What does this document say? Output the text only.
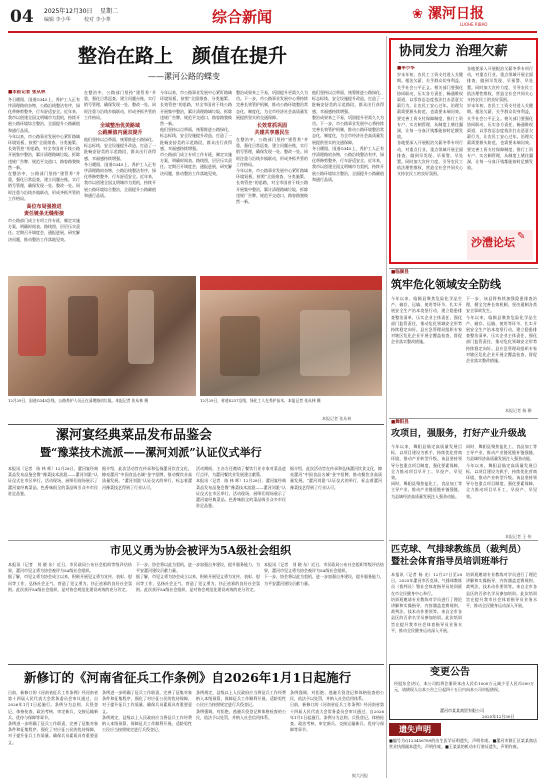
04 2025年12月30日 星期二
编辑 李小华	校对 李小華	综合新闻	漯河日报
LUOHE RIBAO
❀
整治在路上　颜值在提升
——漯河公路的蝶变
■本报记者 张从林
冬日暖阳，国道G345上，养护工人正有序清理路肩杂物，公路沿线整洁有序，绿化带修剪整齐，行车舒适安全。近年来，我市以创建全国文明城市为契机，持续开展公路环境综合整治，全面提升公路颜值和通行品质。
今年以来，市公路事业发展中心紧盯路域环境短板，按照“全面排查、分类施策、长效管控”的思路，对全市国省干线公路开展集中整治，累计清理路域垃圾、拆除违规广告牌、规范平交道口，路容路貌焕然一新。
在整治中，公路部门坚持“建管养”并重，强化日常巡查，建立问题台账，实行销号管理，确保发现一处、整改一处。同时注重与沿线乡镇联动，形成齐抓共管的工作格局。
高位布局强推进
责任链条无缝衔接
市公路部门成立专项工作专班，制定实施方案，明确时间表、路线图，层层压实责任。定期召开调度会，通报进展，研究解决问题，推动整治工作落地见效。
在整治中，公路部门坚持“建管养”并重，强化日常巡查，建立问题台账，实行销号管理，确保发现一处、整改一处。同时注重与沿线乡镇联动，形成齐抓共管的工作格局。
全域整治优美路域
公路颜值内涵双提升
他们坚持以点带面，统筹推进公路绿化、标志标线、安全设施提升改造，打造了一批畅安舒美的示范路段，群众出行获得感、幸福感持续增强。
冬日暖阳，国道G345上，养护工人正有序清理路肩杂物，公路沿线整洁有序，绿化带修剪整齐，行车舒适安全。近年来，我市以创建全国文明城市为契机，持续开展公路环境综合整治，全面提升公路颜值和通行品质。
今年以来，市公路事业发展中心紧盯路域环境短板，按照“全面排查、分类施策、长效管控”的思路，对全市国省干线公路开展集中整治，累计清理路域垃圾、拆除违规广告牌、规范平交道口，路容路貌焕然一新。
他们坚持以点带面，统筹推进公路绿化、标志标线、安全设施提升改造，打造了一批畅安舒美的示范路段，群众出行获得感、幸福感持续增强。
市公路部门成立专项工作专班，制定实施方案，明确时间表、路线图，层层压实责任。定期召开调度会，通报进展，研究解决问题，推动整治工作落地见效。
整治成果来之不易，巩固提升更需久久为功。下一步，市公路事业发展中心将持续完善长效管护机制，推动公路环境整治常态化、制度化，为全市经济社会高质量发展提供坚实的交通保障。
长效常抓巩固
共建共享惠民生
在整治中，公路部门坚持“建管养”并重，强化日常巡查，建立问题台账，实行销号管理，确保发现一处、整改一处。同时注重与沿线乡镇联动，形成齐抓共管的工作格局。
今年以来，市公路事业发展中心紧盯路域环境短板，按照“全面排查、分类施策、长效管控”的思路，对全市国省干线公路开展集中整治，累计清理路域垃圾、拆除违规广告牌、规范平交道口，路容路貌焕然一新。
他们坚持以点带面，统筹推进公路绿化、标志标线、安全设施提升改造，打造了一批畅安舒美的示范路段，群众出行获得感、幸福感持续增强。
整治成果来之不易，巩固提升更需久久为功。下一步，市公路事业发展中心将持续完善长效管护机制，推动公路环境整治常态化、制度化，为全市经济社会高质量发展提供坚实的交通保障。
冬日暖阳，国道G345上，养护工人正有序清理路肩杂物，公路沿线整洁有序，绿化带修剪整齐，行车舒适安全。近年来，我市以创建全国文明城市为契机，持续开展公路环境综合整治，全面提升公路颜值和通行品质。
12月29日，国道G345沿线，公路养护人员正在清理路肩垃圾。本报记者 张从林 摄	12月29日，省道S237沿线，绿化工人在养护苗木。本报记者 张从林 摄
本报记者 张从林
协同发力 治理欠薪
■李小华
岁末年初，农民工工资支付进入关键期。根治欠薪，关乎群众切身利益，关乎社会公平正义。相关部门要强化协同联动，压实各方责任，畅通维权渠道，以零容忍态度依法打击恶意欠薪行为，让农民工安心过年。治理欠薪需要源头防范，也需要末端问效。要完善工资支付保障制度，推行工资专户、实名制管理，从制度上堵住漏洞，让每一分血汗钱都能按时足额发放。
各地要深入开展根治欠薪冬季专项行动，对重点行业、重点领域开展全面排查，做到早发现、早预警、早处置。同时加大宣传力度，引导农民工依法理性维权，营造全社会共同关心支持农民工的良好氛围。
各地要深入开展根治欠薪冬季专项行动，对重点行业、重点领域开展全面排查，做到早发现、早预警、早处置。同时加大宣传力度，引导农民工依法理性维权，营造全社会共同关心支持农民工的良好氛围。
岁末年初，农民工工资支付进入关键期。根治欠薪，关乎群众切身利益，关乎社会公平正义。相关部门要强化协同联动，压实各方责任，畅通维权渠道，以零容忍态度依法打击恶意欠薪行为，让农民工安心过年。治理欠薪需要源头防范，也需要末端问效。要完善工资支付保障制度，推行工资专户、实名制管理，从制度上堵住漏洞，让每一分血汗钱都能按时足额发放。
沙澧论坛 ✎
■临颍县
筑牢危化领域安全防线
今年以来，临颍县聚焦危险化学品生产、储存、运输、使用等环节，扎实开展安全生产治本攻坚行动，建立隐患排查整治清单，压实企业主体责任，强化部门监管责任，推动危化领域安全形势持续稳定向好。县应急管理局组织专家对辖区危化企业开展全覆盖检查，督促企业落实整改措施。
下一步，该县将持续加强隐患排查治理，健全完善长效机制，坚决遏制各类安全事故发生。
今年以来，临颍县聚焦危险化学品生产、储存、运输、使用等环节，扎实开展安全生产治本攻坚行动，建立隐患排查整治清单，压实企业主体责任，强化部门监管责任，推动危化领域安全形势持续稳定向好。县应急管理局组织专家对辖区危化企业开展全覆盖检查，督促企业落实整改措施。
本报记者 杨 柳
■舞阳县
攻项目，强服务，打好产业升级战
今年以来，舞阳县锚定高质量发展目标，以项目建设为抓手，持续优化营商环境，推动产业转型升级。该县坚持领导分包重点项目制度，强化要素保障，全力推动项目早开工、早投产、早见效。
同时，舞阳县聚焦盐化工、食品加工等主导产业，推动产业链延链补链强链，为县域经济高质量发展注入强劲动能。
同时，舞阳县聚焦盐化工、食品加工等主导产业，推动产业链延链补链强链，为县域经济高质量发展注入强劲动能。
今年以来，舞阳县锚定高质量发展目标，以项目建设为抓手，持续优化营商环境，推动产业转型升级。该县坚持领导分包重点项目制度，强化要素保障，全力推动项目早开工、早投产、早见效。
本报记者 王 伟
漯河宴经典菜品发布品鉴会
暨“豫菜技术流派——漯河刘派”认证仪式举行
本报讯（记者　陈 林 辉）12月28日，漯河宴经典菜品发布品鉴会暨“豫菜技术流派——漯河刘派”认证仪式在市区举行。活动现场，厨师们现场展示了漯河宴经典菜品，色香味俱全的菜品吸引众多市民驻足品鉴。
据介绍，此次活动旨在传承和弘扬漯河饮食文化，擦亮漯河“中国食品名城”金字招牌，推动餐饮业高质量发展。“漯河刘派”认证仪式的举行，标志着漯河豫菜技艺得到了行业认可。
活动期间，主办方还邀请了餐饮行业专家对菜品进行点评，为漯河餐饮业发展建言献策。
本报讯（记者　陈 林 辉）12月28日，漯河宴经典菜品发布品鉴会暨“豫菜技术流派——漯河刘派”认证仪式在市区举行。活动现场，厨师们现场展示了漯河宴经典菜品，色香味俱全的菜品吸引众多市民驻足品鉴。
据介绍，此次活动旨在传承和弘扬漯河饮食文化，擦亮漯河“中国食品名城”金字招牌，推动餐饮业高质量发展。“漯河刘派”认证仪式的举行，标志着漯河豫菜技艺得到了行业认可。
市见义勇为协会被评为5A级社会组织
本报讯（记者　刘 晓 东）近日，市民政局公布社会组织等级评估结果，漯河市见义勇为协会被评为5A级社会组织。
据了解，市见义勇为协会成立以来，积极开展见义勇为宣传、表彰、慰问等工作，弘扬社会正气，营造了见义勇为、扶正祛邪的良好社会氛围。此次获评5A级社会组织，是对协会规范化建设成效的充分肯定。
下一步，协会将以此为契机，进一步加强自身建设，提升服务能力，为平安漯河建设贡献力量。
据了解，市见义勇为协会成立以来，积极开展见义勇为宣传、表彰、慰问等工作，弘扬社会正气，营造了见义勇为、扶正祛邪的良好社会氛围。此次获评5A级社会组织，是对协会规范化建设成效的充分肯定。
本报讯（记者　刘 晓 东）近日，市民政局公布社会组织等级评估结果，漯河市见义勇为协会被评为5A级社会组织。
下一步，协会将以此为契机，进一步加强自身建设，提升服务能力，为平安漯河建设贡献力量。
匹克球、气排球教练员（裁判员）
暨社会体育指导员培训班举行
本报讯（记者 杨 光）12月27日至28日，2025年漯河市匹克球、气排球教练员（裁判员）暨社会体育指导员培训班在市全民健身中心举行。
培训班邀请专业教练对学员进行了理论讲解和实操指导，内容涵盖竞赛规则、裁判法、技术动作要领等。来自全市各县区的百余名学员参加培训。此次培训旨在提升我市社会体育指导员业务水平，推动全民健身运动深入开展。
培训班邀请专业教练对学员进行了理论讲解和实操指导，内容涵盖竞赛规则、裁判法、技术动作要领等。来自全市各县区的百余名学员参加培训。此次培训旨在提升我市社会体育指导员业务水平，推动全民健身运动深入开展。
新修订的《河南省征兵工作条例》自2026年1月1日起施行
日前，新修订的《河南省征兵工作条例》经河南省第十四届人民代表大会常务委员会审议通过，自2026年1月1日起施行。条例分为总则、兵役登记、体格检查、政治考核、审定新兵、交接运输新兵、优待与保障等章节。
条例进一步明确了征兵工作职责，完善了征集对象条件和征集程序，强化了对应征公民的优待保障，对于提升征兵工作质量、确保兵员素质具有重要意义。
条例进一步明确了征兵工作职责，完善了征集对象条件和征集程序，强化了对应征公民的优待保障，对于提升征兵工作质量、确保兵员素质具有重要意义。
条例规定，县级以上人民政府应当将征兵工作经费纳入本级预算，保障征兵工作顺利开展。适龄男性公民应当按照规定进行兵役登记。
条例规定，县级以上人民政府应当将征兵工作经费纳入本级预算，保障征兵工作顺利开展。适龄男性公民应当按照规定进行兵役登记。
条例强调，对拒绝、逃避兵役登记和体格检查的公民，依法予以处罚，并纳入社会信用体系。
条例强调，对拒绝、逃避兵役登记和体格检查的公民，依法予以处罚，并纳入社会信用体系。
日前，新修订的《河南省征兵工作条例》经河南省第十四届人民代表大会常务委员会审议通过，自2026年1月1日起施行。条例分为总则、兵役登记、体格检查、政治考核、审定新兵、交接运输新兵、优待与保障等章节。
据大河报
变更公告
经股东会决议，本公司拟将注册资本由人民币1000万元减少至人民币500万元，请债权人自本公告之日起四十五日内向本公司申报债权。
漯河市某某商贸有限公司
2025年12月30日
遗失声明
■编号为Q123456789的出生医学证明遗失，声明作废。■漯河市源汇区某某商店营业执照副本遗失，声明作废。■王某某的机动车行驶证遗失，声明作废。
